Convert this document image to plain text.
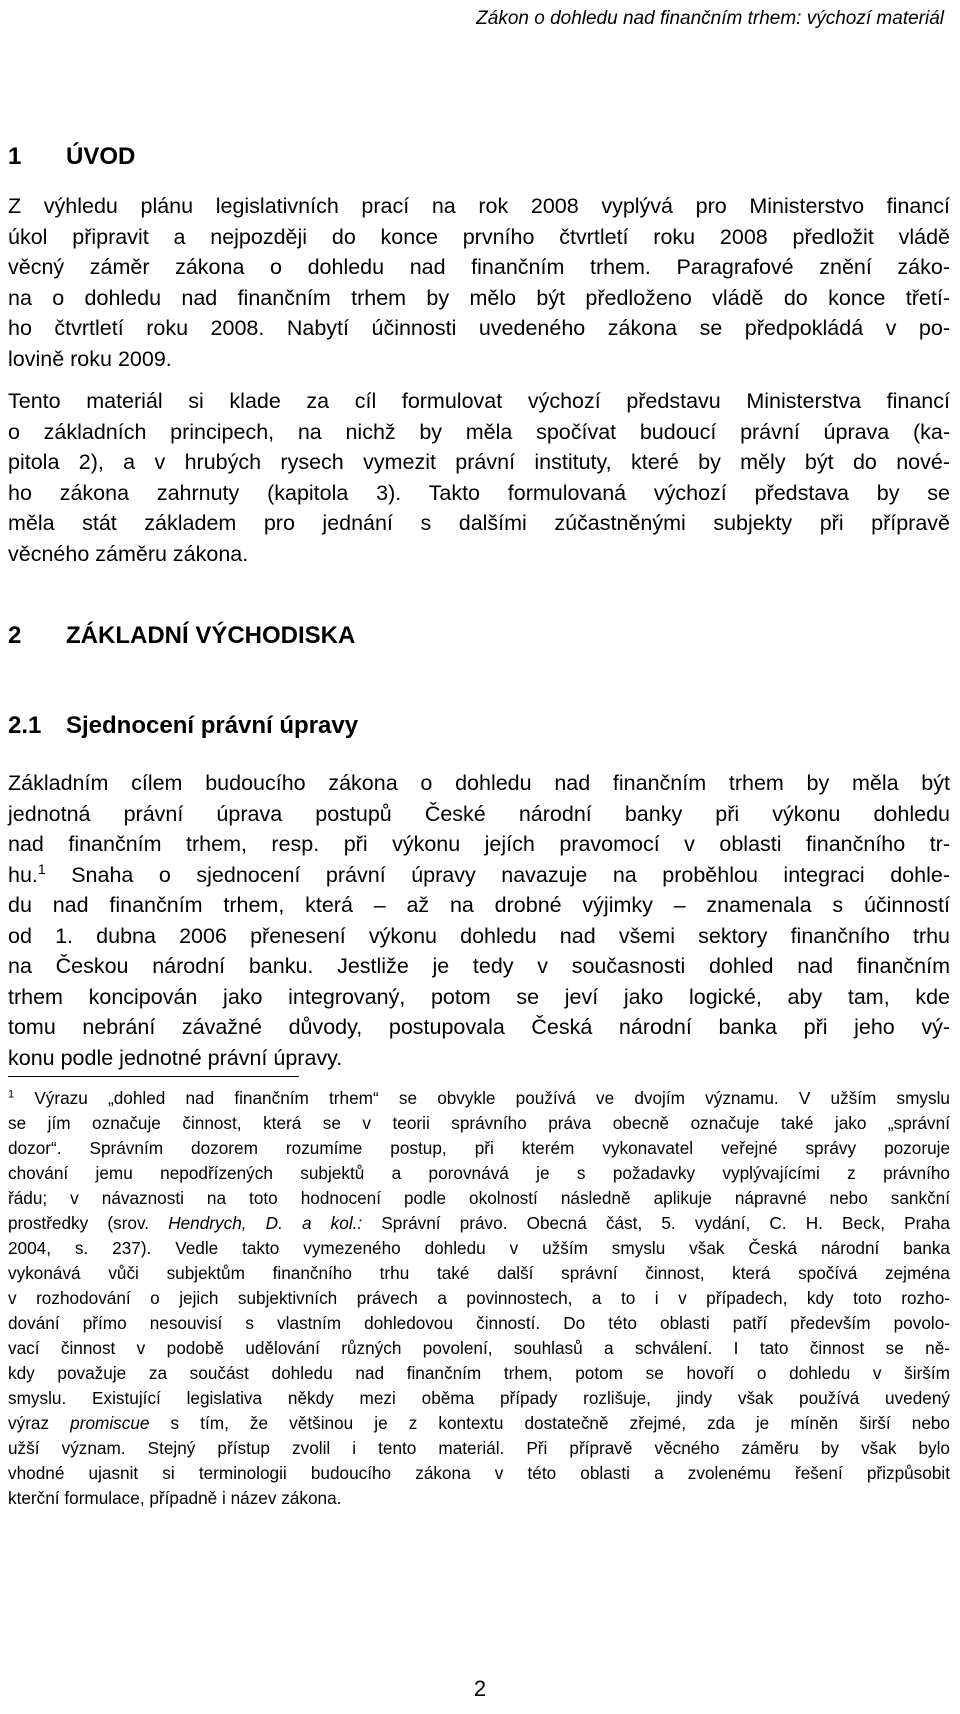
Zákon o dohledu nad finančním trhem: výchozí materiál
1 ÚVOD
Z výhledu plánu legislativních prací na rok 2008 vyplývá pro Ministerstvo financí
úkol připravit a nejpozději do konce prvního čtvrtletí roku 2008 předložit vládě
věcný záměr zákona o dohledu nad finančním trhem. Paragrafové znění záko-
na o dohledu nad finančním trhem by mělo být předloženo vládě do konce třetí-
ho čtvrtletí roku 2008. Nabytí účinnosti uvedeného zákona se předpokládá v po-
lovině roku 2009.
Tento materiál si klade za cíl formulovat výchozí představu Ministerstva financí
o základních principech, na nichž by měla spočívat budoucí právní úprava (ka-
pitola 2), a v hrubých rysech vymezit právní instituty, které by měly být do nové-
ho zákona zahrnuty (kapitola 3). Takto formulovaná výchozí představa by se
měla stát základem pro jednání s dalšími zúčastněnými subjekty při přípravě
věcného záměru zákona.
2 ZÁKLADNÍ VÝCHODISKA
2.1 Sjednocení právní úpravy
Základním cílem budoucího zákona o dohledu nad finančním trhem by měla být
jednotná právní úprava postupů České národní banky při výkonu dohledu
nad finančním trhem, resp. při výkonu jejích pravomocí v oblasti finančního tr-
hu.$^1$ Snaha o sjednocení právní úpravy navazuje na proběhlou integraci dohle-
du nad finančním trhem, která – až na drobné výjimky – znamenala s účinností
od 1. dubna 2006 přenesení výkonu dohledu nad všemi sektory finančního trhu
na Českou národní banku. Jestliže je tedy v současnosti dohled nad finančním
trhem koncipován jako integrovaný, potom se jeví jako logické, aby tam, kde
tomu nebrání závažné důvody, postupovala Česká národní banka při jeho vý-
konu podle jednotné právní úpravy.
$^1$ Výrazu „dohled nad finančním trhem“ se obvykle používá ve dvojím významu. V užším smyslu
se jím označuje činnost, která se v teorii správního práva obecně označuje také jako „správní
dozor“. Správním dozorem rozumíme postup, při kterém vykonavatel veřejné správy pozoruje
chování jemu nepodřízených subjektů a porovnává je s požadavky vyplývajícími z právního
řádu; v návaznosti na toto hodnocení podle okolností následně aplikuje nápravné nebo sankční
prostředky (srov. Hendrych, D. a kol.: Správní právo. Obecná část, 5. vydání, C. H. Beck, Praha
2004, s. 237). Vedle takto vymezeného dohledu v užším smyslu však Česká národní banka
vykonává vůči subjektům finančního trhu také další správní činnost, která spočívá zejména
v rozhodování o jejich subjektivních právech a povinnostech, a to i v případech, kdy toto rozho-
dování přímo nesouvisí s vlastním dohledovou činností. Do této oblasti patří především povolo-
vací činnost v podobě udělování různých povolení, souhlasů a schválení. I tato činnost se ně-
kdy považuje za součást dohledu nad finančním trhem, potom se hovoří o dohledu v širším
smyslu. Existující legislativa někdy mezi oběma případy rozlišuje, jindy však používá uvedený
výraz promiscue s tím, že většinou je z kontextu dostatečně zřejmé, zda je míněn širší nebo
užší význam. Stejný přístup zvolil i tento materiál. Při přípravě věcného záměru by však bylo
vhodné ujasnit si terminologii budoucího zákona v této oblasti a zvolenému řešení přizpůsobit
kterční formulace, případně i název zákona.
2
